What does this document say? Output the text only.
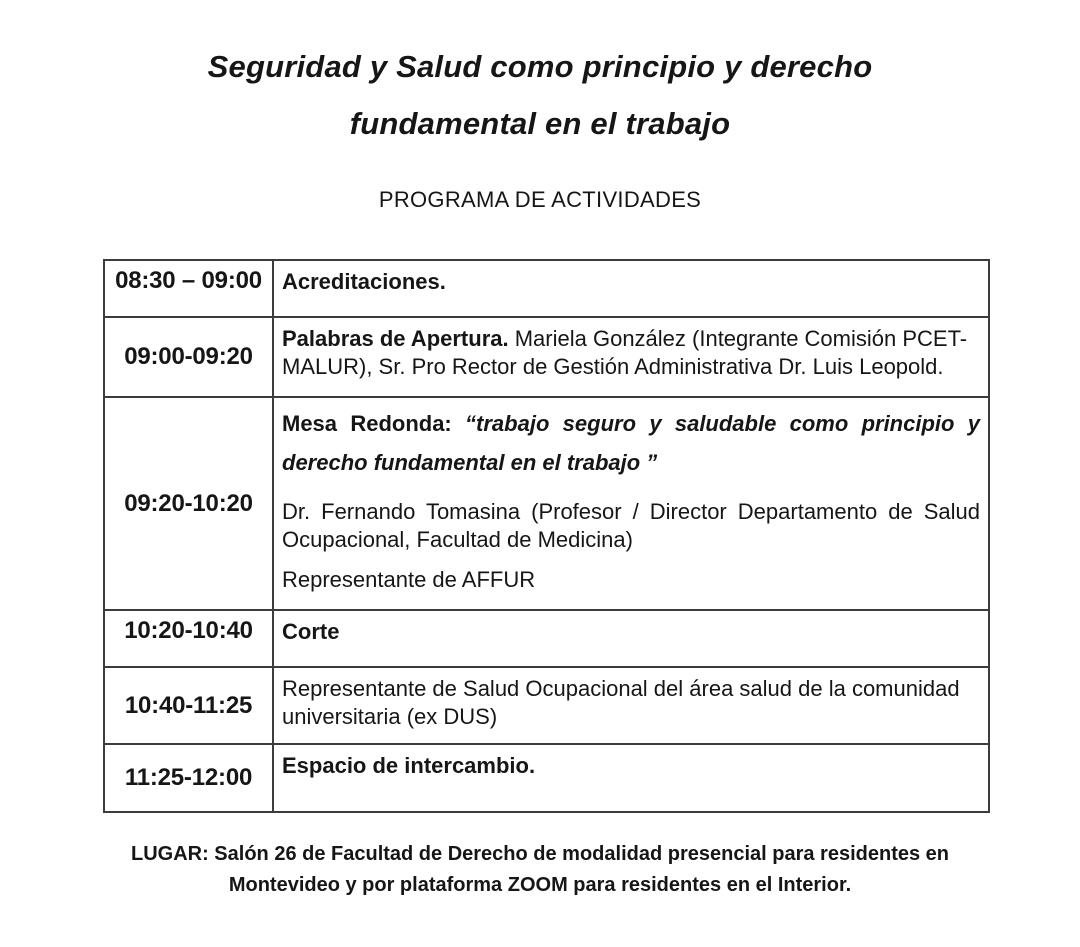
Seguridad y Salud como principio y derecho
fundamental en el trabajo
PROGRAMA DE ACTIVIDADES
08:30 – 09:00	Acreditaciones.

09:00-09:20	Palabras de Apertura. Mariela González (Integrante Comisión PCET-MALUR), Sr. Pro Rector de Gestión Administrativa Dr. Luis Leopold.

09:20-10:20	Mesa Redonda: “trabajo seguro y saludable como principio y derecho fundamental en el trabajo ”

Dr. Fernando Tomasina (Profesor / Director Departamento de Salud Ocupacional, Facultad de Medicina)

Representante de AFFUR

10:20-10:40	Corte

10:40-11:25	Representante de Salud Ocupacional del área salud de la comunidad universitaria (ex DUS)

11:25-12:00	Espacio de intercambio.

LUGAR: Salón 26 de Facultad de Derecho de modalidad presencial para residentes en
Montevideo y por plataforma ZOOM para residentes en el Interior.
